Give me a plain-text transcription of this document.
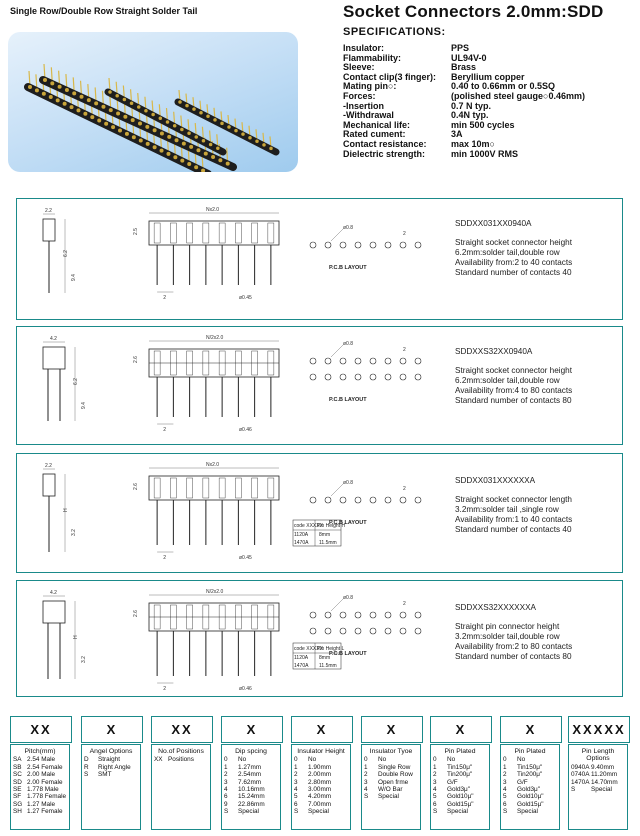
Single Row/Double Row Straight Solder Tail	Socket Connectors 2.0mm:SDD
SPECIFICATIONS:
Insulator:	PPS
Flammability:	UL94V-0
Sleeve:	Brass
Contact clip(3 finger):	Beryllium copper
Mating pin○:	0.40 to 0.66mm or 0.5SQ
Forces:	(polished steel gauge○0.46mm)
-Insertion	0.7 N typ.
-Withdrawal	0.4N typ.
Mechanical life:	min 500 cycles
Rated cument:	3A
Contact resistance:	max 10m○
Dielectric strength:	min 1000V RMS
2.2
6.2
9.4
Nx2.0
2.5
2	ø0.45
ø0.8
2
P.C.B LAYOUT
SDDXX031XX0940A
Straight socket connector height
6.2mm:solder tail,double row
Availability from:2 to 40 contacts
Standard number of contacts 40
4.2
6.2
9.4
N/2x2.0
2.6
2	ø0.46
ø0.8
2
P.C.B LAYOUT
SDDXXS32XX0940A
Straight socket connector height
6.2mm:solder tail,double row
Availability from:4 to 80 contacts
Standard number of contacts 80
2.2
H
3.2
Nx2.0
2.6
2	ø0.45
ø0.8
2
P.C.B LAYOUT
code XXXXX
Pin Height H
1120A 8mm
1470A 11.5mm
SDDXX031XXXXXXA
Straight socket connector length
3.2mm:solder tail ,single row
Availability from:1 to 40 contacts
Standard number of contacts 40
4.2
H
3.2
N/2x2.0
2.6
2	ø0.46
ø0.8
2
P.C.B LAYOUT
code XXXXX
Pin Height L
1120A 8mm
1470A 11.5mm
SDDXXS32XXXXXXA
Straight pin connector height
3.2mm:solder tail,double row
Availability from:2 to 80 contacts
Standard number of contacts 80
XX
Pitch(mm)
SA 2.54 Male
SB 2.54 Female
SC 2.00 Male
SD 2.00 Female
SE 1.778 Male
SF 1.778 Female
SG 1.27 Male
SH 1.27 Female
X
Angel Options
D Straight
R Right Angle
S SMT
XX
No.of Positions
XX Positions
X
Dip spcing
0 No
1 1.27mm
2 2.54mm
3 7.62mm
4 10.16mm
6 15.24mm
9 22.86mm
S Special
X
Insulator Height
0 No
1 1.90mm
2 2.00mm
3 2.80mm
4 3.00mm
5 4.20mm
6 7.00mm
S Special
X
Insulator Tyoe
0 No
1 Single Row
2 Double Row
3 Open frme
4 W/O Bar
S Special
X
Pin Plated
0 No
1 Tin150μ"
2 Tin200μ"
3 G/F
4 Gold3μ"
5 Gold10μ"
6 Gold15μ"
S Special
X
Pin Plated
0 No
1 Tin150μ"
2 Tin200μ"
3 G/F
4 Gold3μ"
5 Gold10μ"
6 Gold15μ"
S Special
XXXXX
Pin Length Options
0940A 9.40mm
0740A 11.20mm
1470A 14.70mm
S Special
